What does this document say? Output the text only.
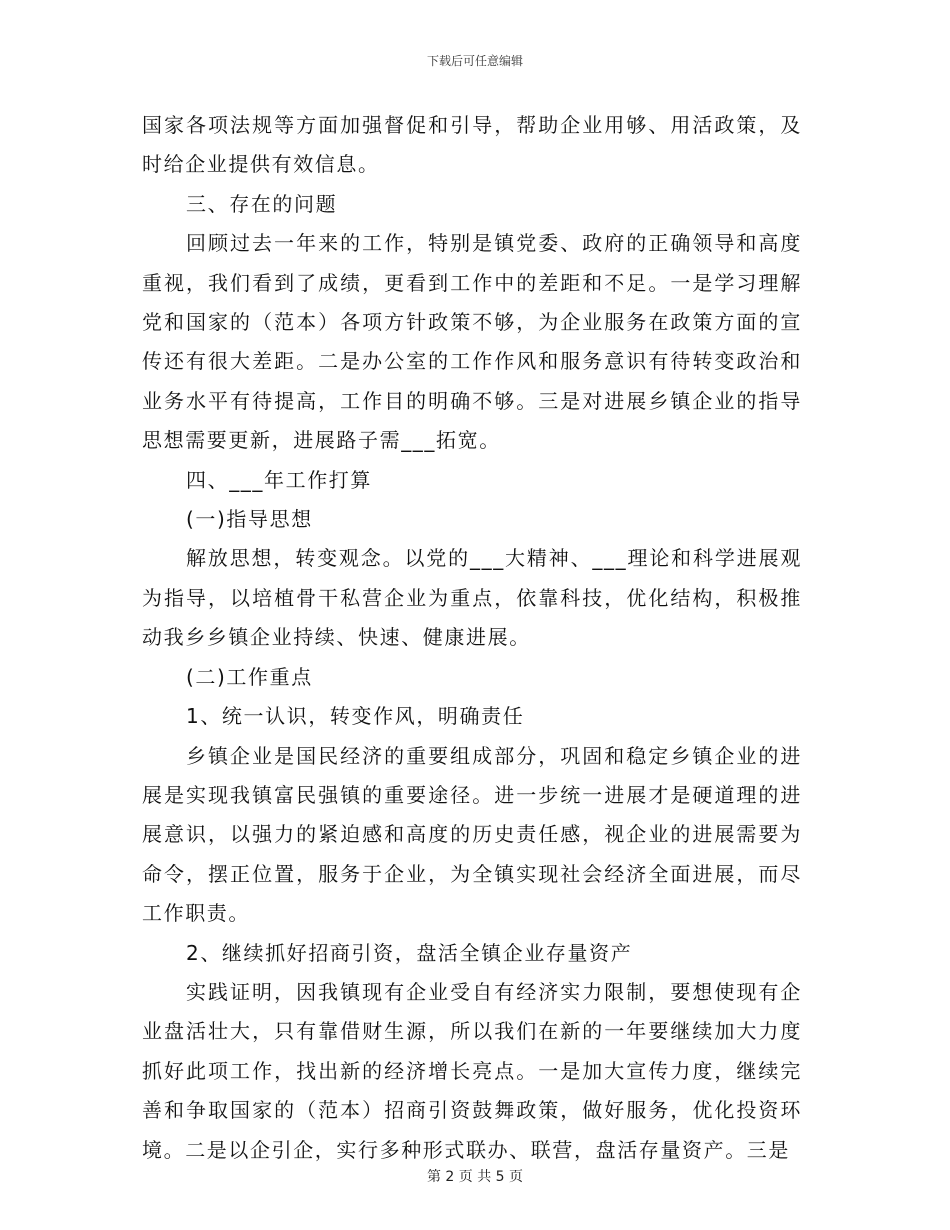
下载后可任意编辑

国家各项法规等方面加强督促和引导，帮助企业用够、用活政策，及时给企业提供有效信息。

三、存在的问题

回顾过去一年来的工作，特别是镇党委、政府的正确领导和高度重视，我们看到了成绩，更看到工作中的差距和不足。一是学习理解党和国家的（范本）各项方针政策不够，为企业服务在政策方面的宣传还有很大差距。二是办公室的工作作风和服务意识有待转变政治和业务水平有待提高，工作目的明确不够。三是对进展乡镇企业的指导思想需要更新，进展路子需___拓宽。

四、___年工作打算

(一)指导思想

解放思想，转变观念。以党的___大精神、___理论和科学进展观为指导，以培植骨干私营企业为重点，依靠科技，优化结构，积极推动我乡乡镇企业持续、快速、健康进展。

(二)工作重点

1、统一认识，转变作风，明确责任

乡镇企业是国民经济的重要组成部分，巩固和稳定乡镇企业的进展是实现我镇富民强镇的重要途径。进一步统一进展才是硬道理的进展意识，以强力的紧迫感和高度的历史责任感，视企业的进展需要为命令，摆正位置，服务于企业，为全镇实现社会经济全面进展，而尽工作职责。

2、继续抓好招商引资，盘活全镇企业存量资产

实践证明，因我镇现有企业受自有经济实力限制，要想使现有企业盘活壮大，只有靠借财生源，所以我们在新的一年要继续加大力度抓好此项工作，找出新的经济增长亮点。一是加大宣传力度，继续完善和争取国家的（范本）招商引资鼓舞政策，做好服务，优化投资环境。二是以企引企，实行多种形式联办、联营，盘活存量资产。三是

第 2 页 共 5 页
